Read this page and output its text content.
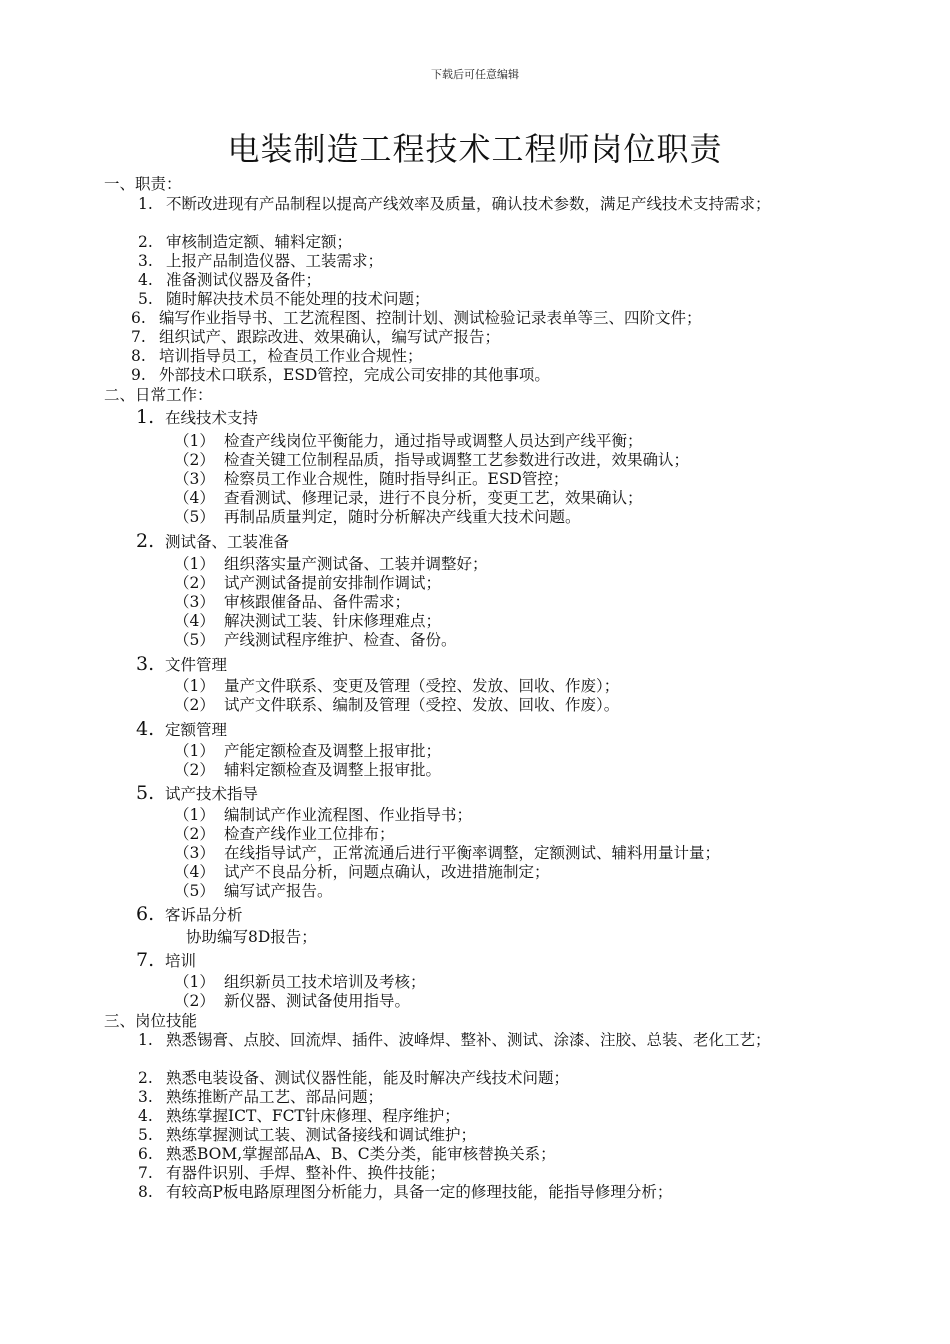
下载后可任意编辑
电装制造工程技术工程师岗位职责
一、职责：
1. 不断改进现有产品制程以提高产线效率及质量，确认技术参数，满足产线技术支持需求；
2. 审核制造定额、辅料定额；
3. 上报产品制造仪器、工装需求；
4. 准备测试仪器及备件；
5. 随时解决技术员不能处理的技术问题；
6. 编写作业指导书、工艺流程图、控制计划、测试检验记录表单等三、四阶文件；
7. 组织试产、跟踪改进、效果确认，编写试产报告；
8. 培训指导员工，检查员工作业合规性；
9. 外部技术口联系，ESD管控，完成公司安排的其他事项。
二、日常工作：
1. 在线技术支持
（1） 检查产线岗位平衡能力，通过指导或调整人员达到产线平衡；
（2） 检查关键工位制程品质，指导或调整工艺参数进行改进，效果确认；
（3） 检察员工作业合规性，随时指导纠正。ESD管控；
（4） 查看测试、修理记录，进行不良分析，变更工艺，效果确认；
（5） 再制品质量判定，随时分析解决产线重大技术问题。
2. 测试备、工装准备
（1） 组织落实量产测试备、工装并调整好；
（2） 试产测试备提前安排制作调试；
（3） 审核跟催备品、备件需求；
（4） 解决测试工装、针床修理难点；
（5） 产线测试程序维护、检查、备份。
3. 文件管理
（1） 量产文件联系、变更及管理（受控、发放、回收、作废）；
（2） 试产文件联系、编制及管理（受控、发放、回收、作废）。
4. 定额管理
（1） 产能定额检查及调整上报审批；
（2） 辅料定额检查及调整上报审批。
5. 试产技术指导
（1） 编制试产作业流程图、作业指导书；
（2） 检查产线作业工位排布；
（3） 在线指导试产，正常流通后进行平衡率调整，定额测试、辅料用量计量；
（4） 试产不良品分析，问题点确认，改进措施制定；
（5） 编写试产报告。
6. 客诉品分析
协助编写8D报告；
7. 培训
（1） 组织新员工技术培训及考核；
（2） 新仪器、测试备使用指导。
三、岗位技能
1. 熟悉锡膏、点胶、回流焊、插件、波峰焊、整补、测试、涂漆、注胶、总装、老化工艺；
2. 熟悉电装设备、测试仪器性能，能及时解决产线技术问题；
3. 熟练推断产品工艺、部品问题；
4. 熟练掌握ICT、FCT针床修理、程序维护；
5. 熟练掌握测试工装、测试备接线和调试维护；
6. 熟悉BOM,掌握部品A、B、C类分类，能审核替换关系；
7. 有器件识别、手焊、整补件、换件技能；
8. 有较高P板电路原理图分析能力，具备一定的修理技能，能指导修理分析；
